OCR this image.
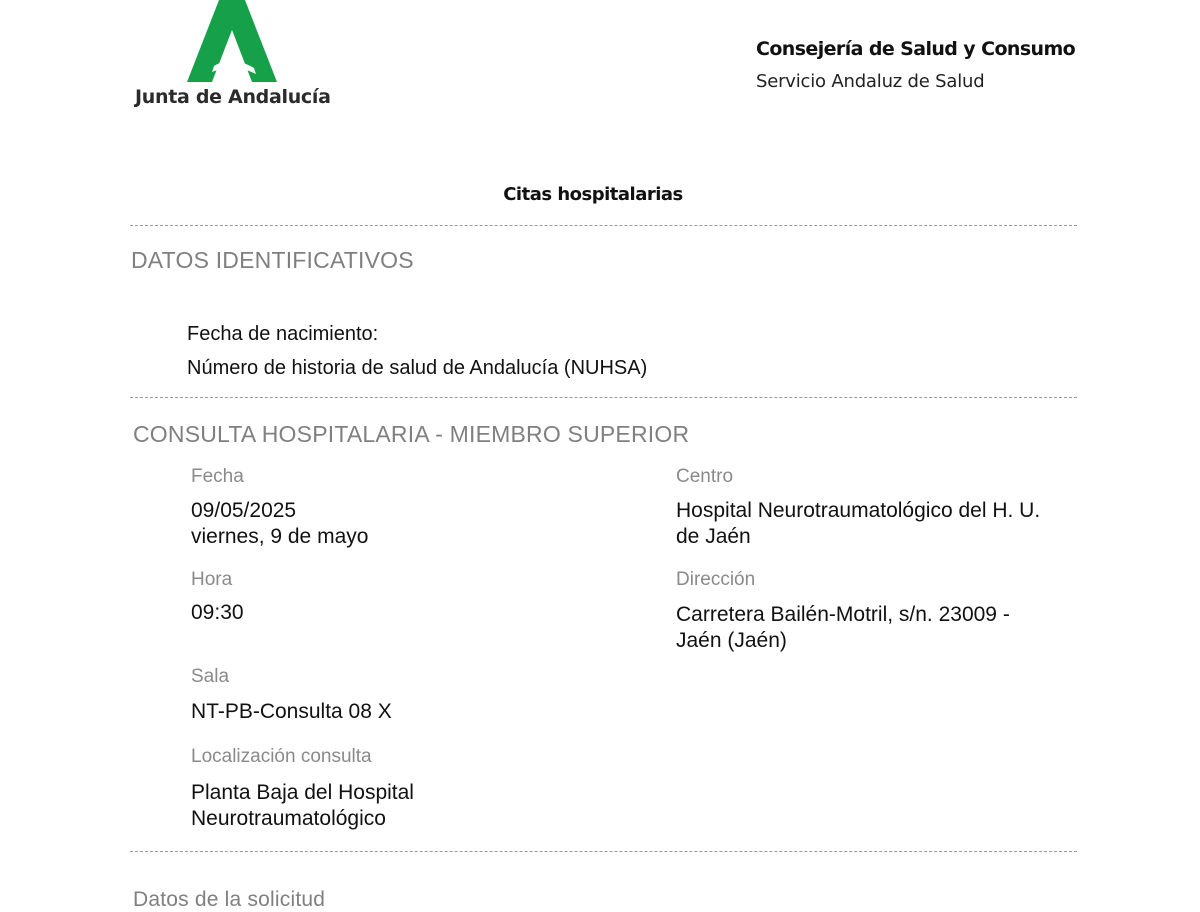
Junta de Andalucía
Consejería de Salud y Consumo
Servicio Andaluz de Salud
Citas hospitalarias
DATOS IDENTIFICATIVOS
Fecha de nacimiento:
Número de historia de salud de Andalucía (NUHSA)
CONSULTA HOSPITALARIA - MIEMBRO SUPERIOR
Fecha
09/05/2025
viernes, 9 de mayo
Hora
09:30
Sala
NT-PB-Consulta 08 X
Localización consulta
Planta Baja del Hospital
Neurotraumatológico
Centro
Hospital Neurotraumatológico del H. U.
de Jaén
Dirección
Carretera Bailén-Motril, s/n. 23009 -
Jaén (Jaén)
Datos de la solicitud
